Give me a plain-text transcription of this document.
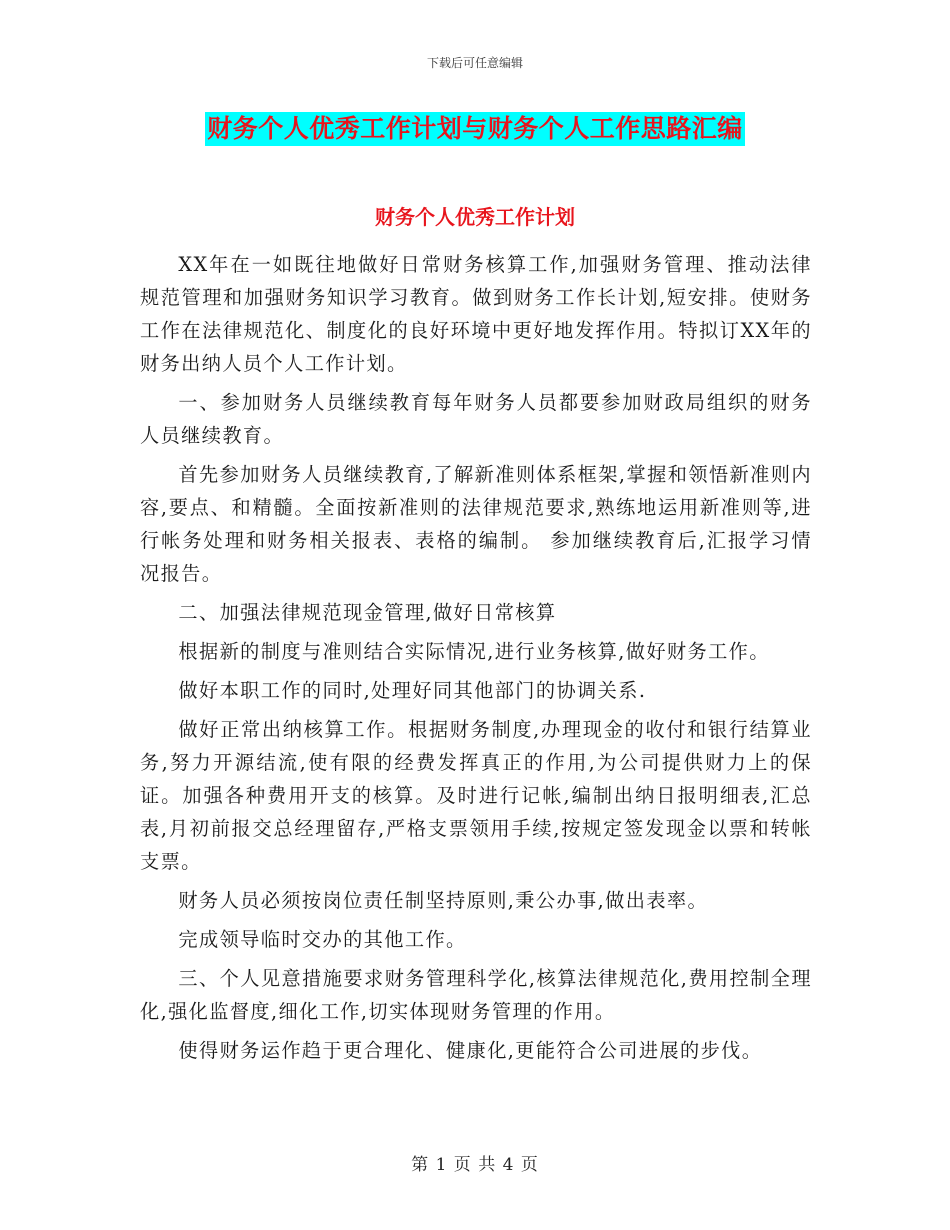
下载后可任意编辑
财务个人优秀工作计划与财务个人工作思路汇编
财务个人优秀工作计划

XX年在一如既往地做好日常财务核算工作,加强财务管理、推动法律规范管理和加强财务知识学习教育。做到财务工作长计划,短安排。使财务工作在法律规范化、制度化的良好环境中更好地发挥作用。特拟订XX年的财务出纳人员个人工作计划。

一、参加财务人员继续教育每年财务人员都要参加财政局组织的财务人员继续教育。

首先参加财务人员继续教育,了解新准则体系框架,掌握和领悟新准则内容,要点、和精髓。全面按新准则的法律规范要求,熟练地运用新准则等,进行帐务处理和财务相关报表、表格的编制。 参加继续教育后,汇报学习情况报告。

二、加强法律规范现金管理,做好日常核算

根据新的制度与准则结合实际情况,进行业务核算,做好财务工作。

做好本职工作的同时,处理好同其他部门的协调关系.

做好正常出纳核算工作。根据财务制度,办理现金的收付和银行结算业务,努力开源结流,使有限的经费发挥真正的作用,为公司提供财力上的保证。加强各种费用开支的核算。及时进行记帐,编制出纳日报明细表,汇总表,月初前报交总经理留存,严格支票领用手续,按规定签发现金以票和转帐支票。

财务人员必须按岗位责任制坚持原则,秉公办事,做出表率。

完成领导临时交办的其他工作。

三、个人见意措施要求财务管理科学化,核算法律规范化,费用控制全理化,强化监督度,细化工作,切实体现财务管理的作用。

使得财务运作趋于更合理化、健康化,更能符合公司进展的步伐。

第 1 页 共 4 页
